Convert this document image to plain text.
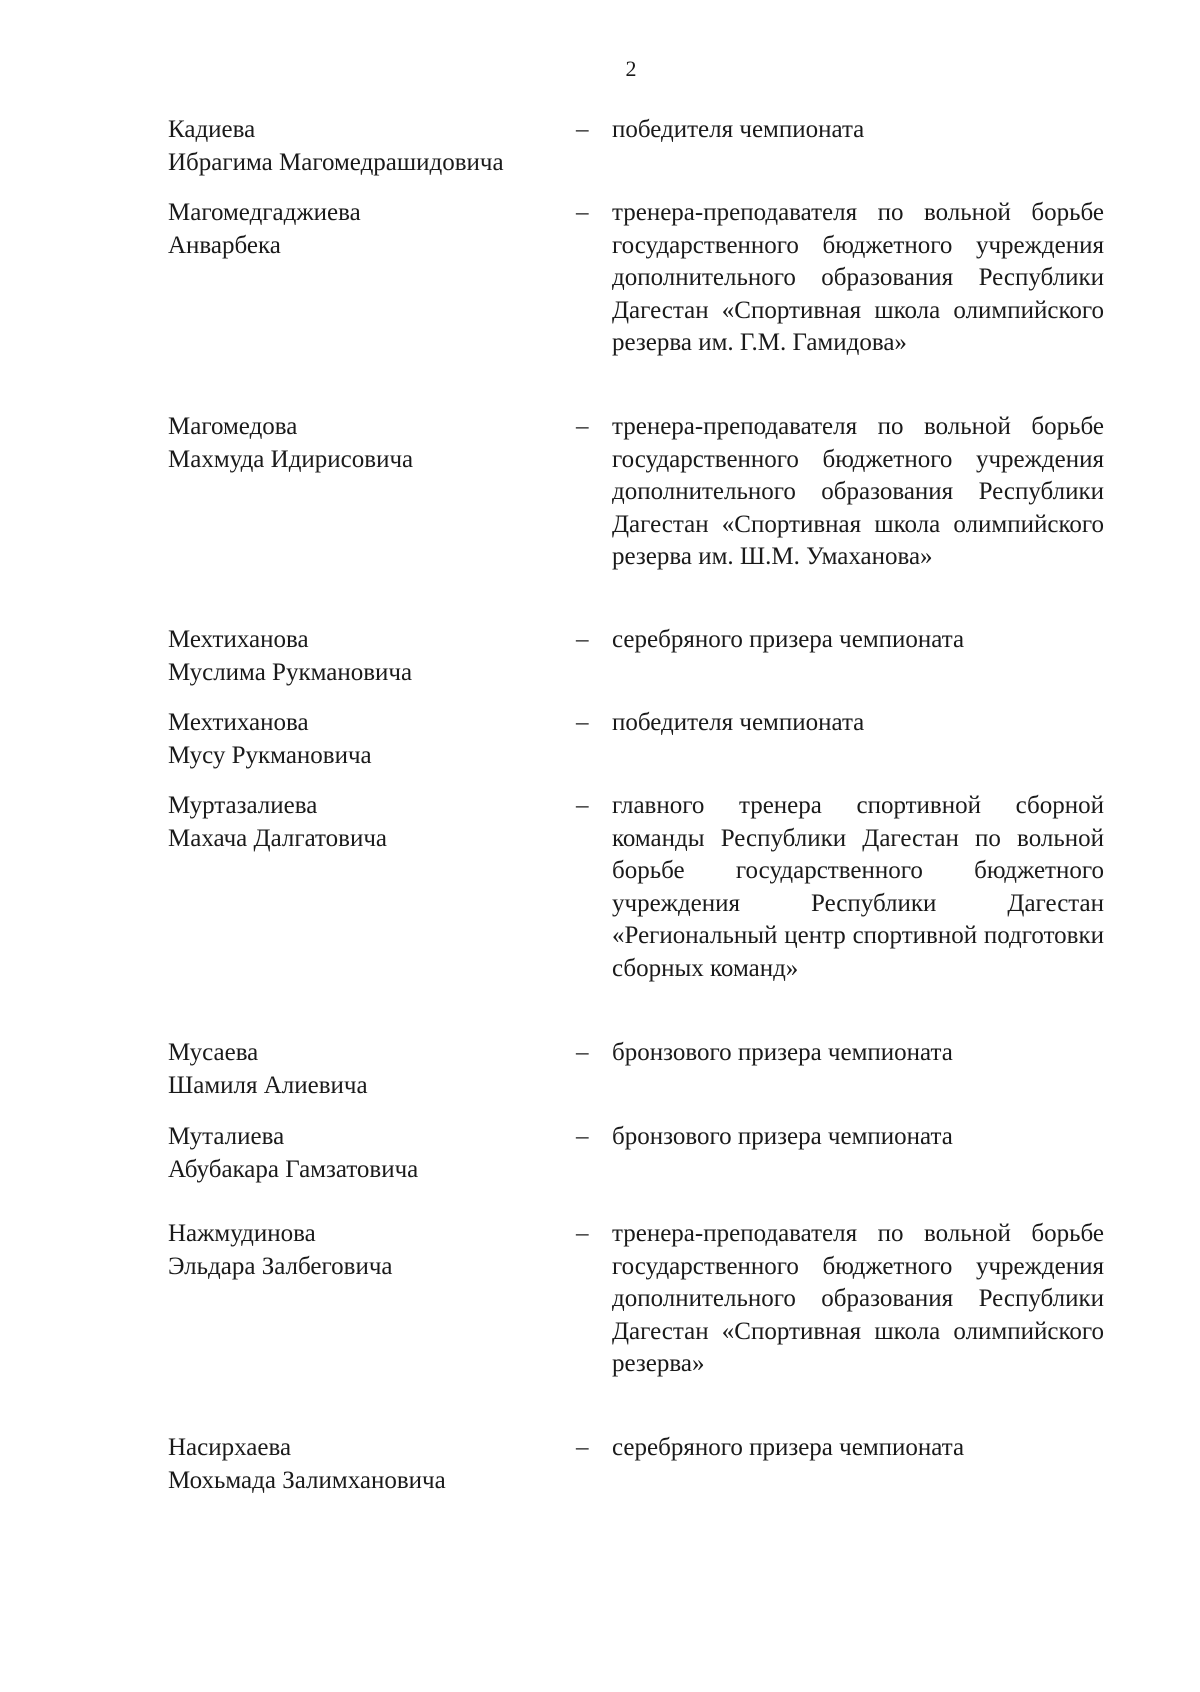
2
Кадиева
Ибрагима Магомедрашидовича
– победителя чемпионата
Магомедгаджиева
Анварбека
– тренера-преподавателя по вольной борьбе государственного бюджетного учреждения дополнительного образования Республики Дагестан «Спортивная школа олимпийского резерва им. Г.М. Гамидова»
Магомедова
Махмуда Идирисовича
– тренера-преподавателя по вольной борьбе государственного бюджетного учреждения дополнительного образования Республики Дагестан «Спортивная школа олимпийского резерва им. Ш.М. Умаханова»
Мехтиханова
Муслима Рукмановича
– серебряного призера чемпионата
Мехтиханова
Мусу Рукмановича
– победителя чемпионата
Муртазалиева
Махача Далгатовича
– главного тренера спортивной сборной команды Республики Дагестан по вольной борьбе государственного бюджетного учреждения Республики Дагестан «Региональный центр спортивной подготовки сборных команд»
Мусаева
Шамиля Алиевича
– бронзового призера чемпионата
Муталиева
Абубакара Гамзатовича
– бронзового призера чемпионата
Нажмудинова
Эльдара Залбеговича
– тренера-преподавателя по вольной борьбе государственного бюджетного учреждения дополнительного образования Республики Дагестан «Спортивная школа олимпийского резерва»
Насирхаева
Мохьмада Залимхановича
– серебряного призера чемпионата
